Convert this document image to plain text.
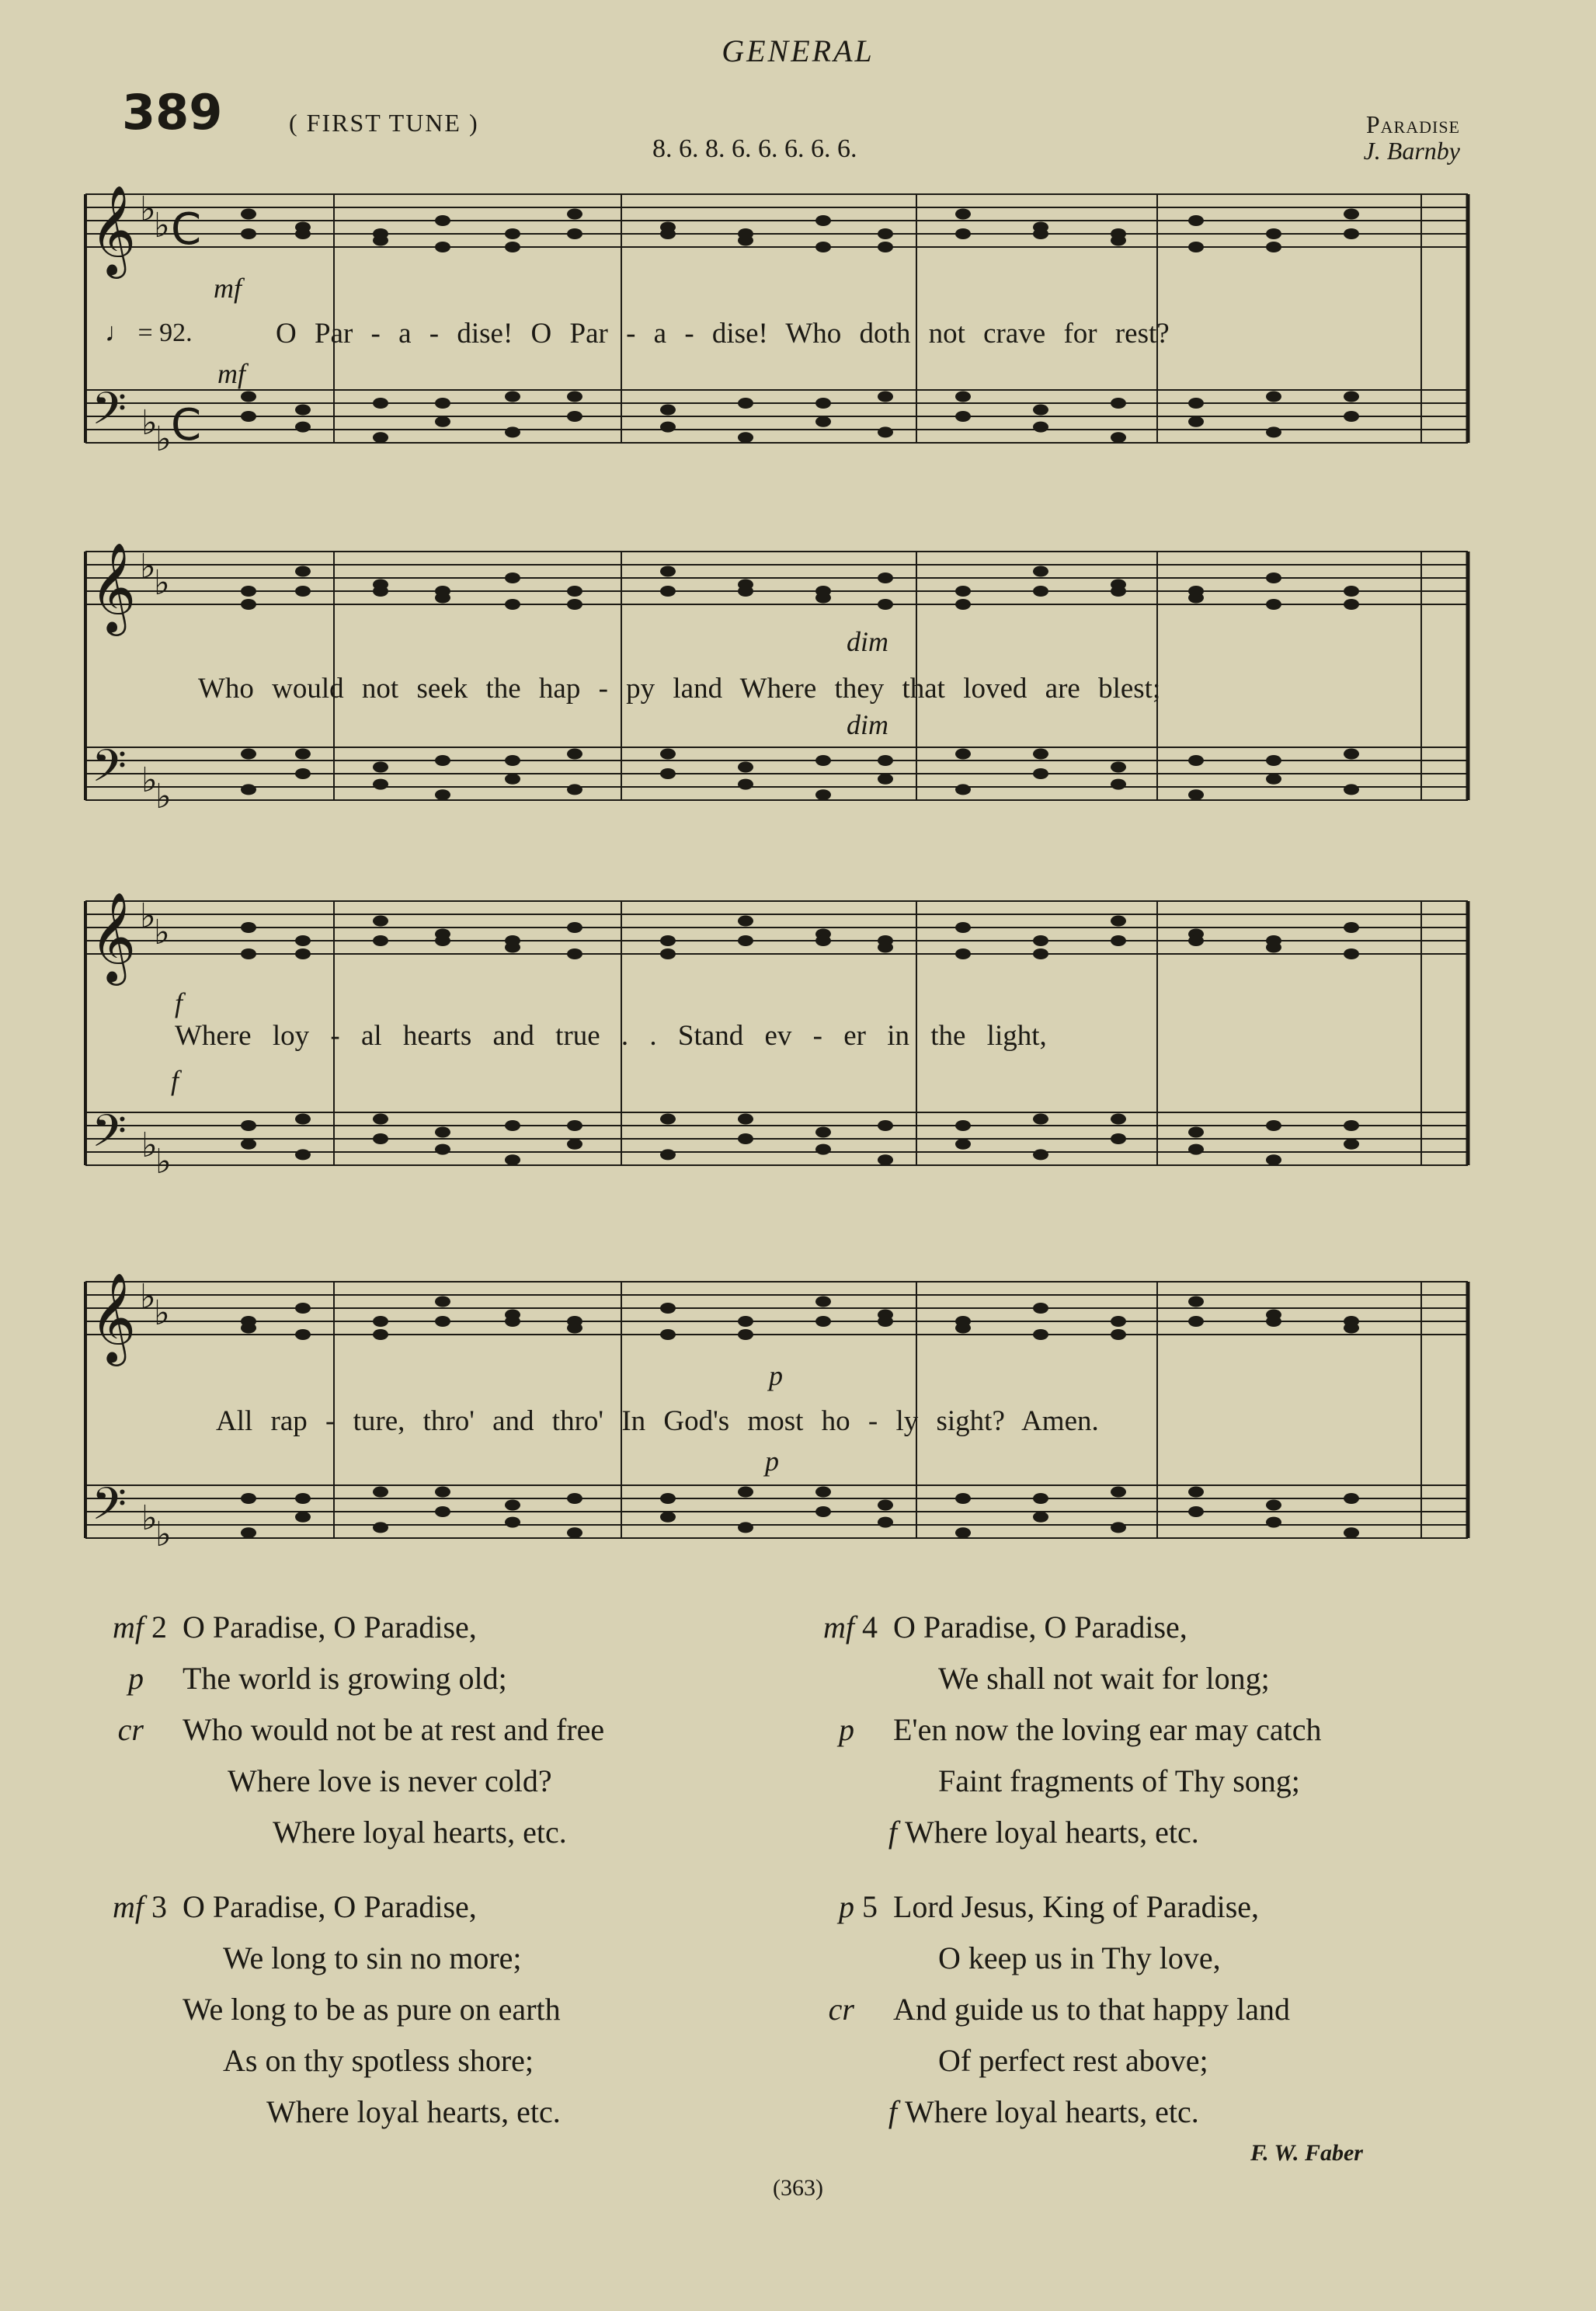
GENERAL
389	( FIRST TUNE )
8. 6. 8. 6. 6. 6. 6. 6.
Paradise
J. Barnby
𝄞
𝄢
♭
♭
♭
♭
C
C
mf
♩ = 92.	O Par - a - dise! O Par - a - dise! Who doth not crave for rest?
mf
𝄞
𝄢
♭
♭
♭
♭
dim
Who would not seek the hap - py land Where they that loved are blest;
dim
𝄞
𝄢
♭
♭
♭
♭
f
Where loy - al hearts and true . . Stand ev - er in the light,
f
𝄞
𝄢
♭
♭
♭
♭
p
All rap - ture, thro' and thro' In God's most ho - ly sight? Amen.
p
mf 2 O Paradise, O Paradise,
p The world is growing old;
cr Who would not be at rest and free
Where love is never cold?
Where loyal hearts, etc.
mf 3 O Paradise, O Paradise,
We long to sin no more;
We long to be as pure on earth
As on thy spotless shore;
Where loyal hearts, etc.
mf 4 O Paradise, O Paradise,
We shall not wait for long;
p E'en now the loving ear may catch
Faint fragments of Thy song;
f Where loyal hearts, etc.
p 5 Lord Jesus, King of Paradise,
O keep us in Thy love,
cr And guide us to that happy land
Of perfect rest above;
f Where loyal hearts, etc.
F. W. Faber
(363)
